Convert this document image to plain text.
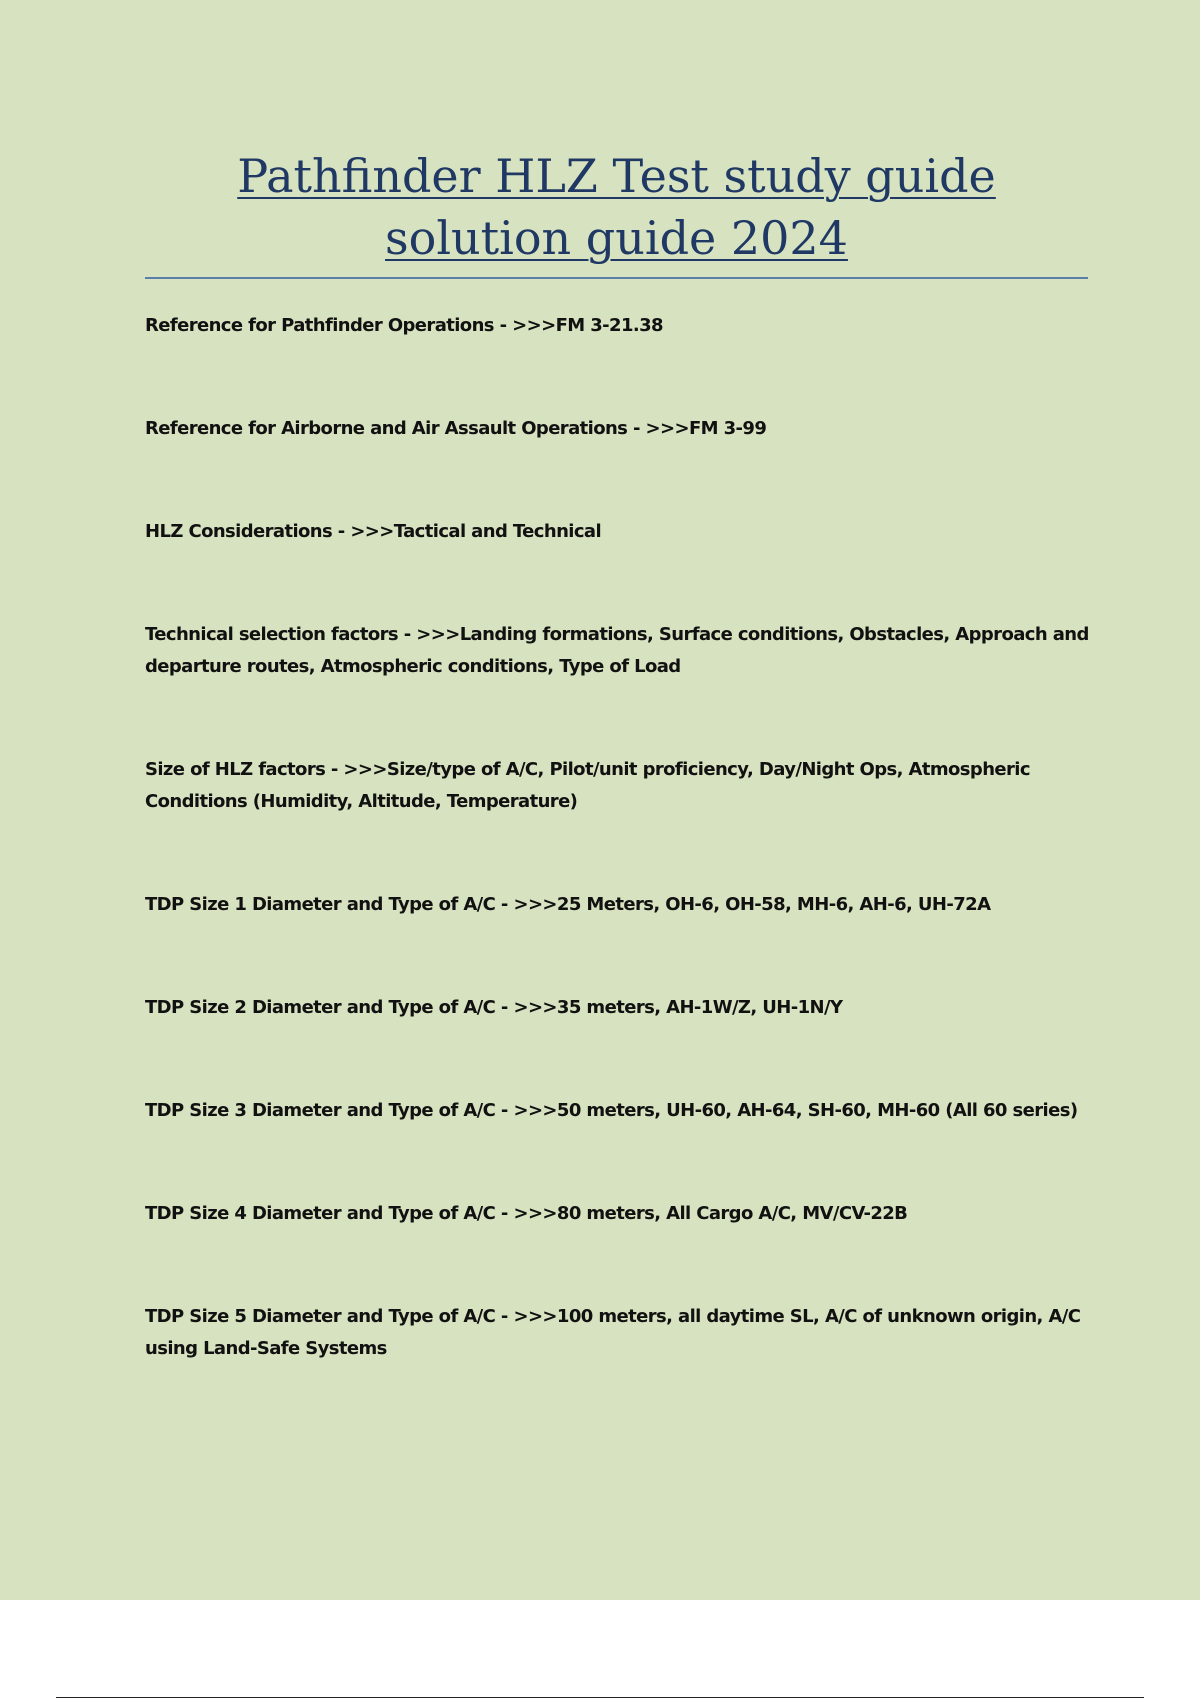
Pathfinder HLZ Test study guide solution guide 2024
Reference for Pathfinder Operations - >>>FM 3-21.38
Reference for Airborne and Air Assault Operations - >>>FM 3-99
HLZ Considerations - >>>Tactical and Technical
Technical selection factors - >>>Landing formations, Surface conditions, Obstacles, Approach and departure routes, Atmospheric conditions, Type of Load
Size of HLZ factors - >>>Size/type of A/C, Pilot/unit proficiency, Day/Night Ops, Atmospheric Conditions (Humidity, Altitude, Temperature)
TDP Size 1 Diameter and Type of A/C - >>>25 Meters, OH-6, OH-58, MH-6, AH-6, UH-72A
TDP Size 2 Diameter and Type of A/C - >>>35 meters, AH-1W/Z, UH-1N/Y
TDP Size 3 Diameter and Type of A/C - >>>50 meters, UH-60, AH-64, SH-60, MH-60 (All 60 series)
TDP Size 4 Diameter and Type of A/C - >>>80 meters, All Cargo A/C, MV/CV-22B
TDP Size 5 Diameter and Type of A/C - >>>100 meters, all daytime SL, A/C of unknown origin, A/C using Land-Safe Systems
